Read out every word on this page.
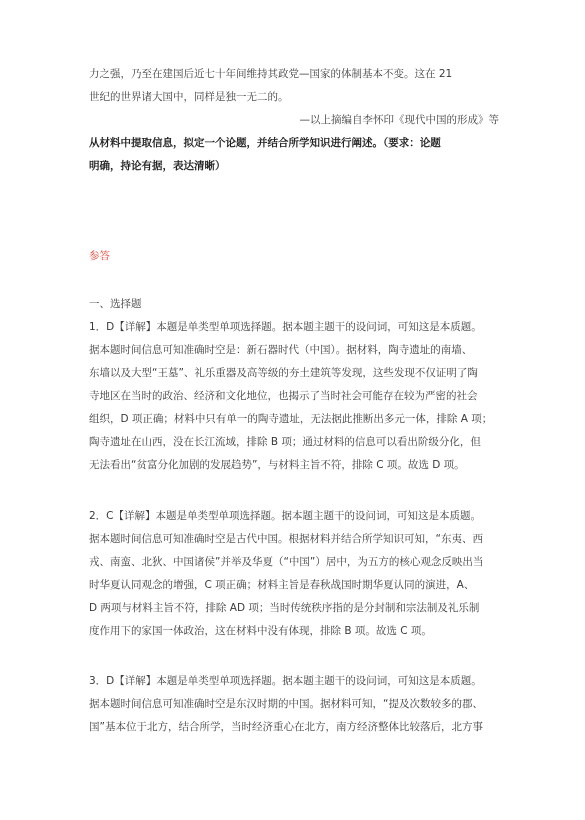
力之强，乃至在建国后近七十年间维持其政党—国家的体制基本不变。这在 21

世纪的世界诸大国中，同样是独一无二的。

—以上摘编自李怀印《现代中国的形成》等

从材料中提取信息，拟定一个论题，并结合所学知识进行阐述。（要求：论题

明确，持论有据，表达清晰）

参答
一、选择题

1．D【详解】本题是单类型单项选择题。据本题主题干的设问词，可知这是本质题。

据本题时间信息可知准确时空是：新石器时代（中国）。据材料，陶寺遗址的南墙、

东墙以及大型“王墓”、礼乐重器及高等级的夯土建筑等发现，这些发现不仅证明了陶

寺地区在当时的政治、经济和文化地位，也揭示了当时社会可能存在较为严密的社会

组织，D 项正确；材料中只有单一的陶寺遗址，无法据此推断出多元一体，排除 A 项；

陶寺遗址在山西，没在长江流域，排除 B 项；通过材料的信息可以看出阶级分化，但

无法看出“贫富分化加剧的发展趋势”，与材料主旨不符，排除 C 项。故选 D 项。

2．C【详解】本题是单类型单项选择题。据本题主题干的设问词，可知这是本质题。

据本题时间信息可知准确时空是古代中国。根据材料并结合所学知识可知，“东夷、西

戎、南蛮、北狄、中国诸侯”并举及华夏（“中国”）居中，为五方的核心观念反映出当

时华夏认同观念的增强，C 项正确；材料主旨是春秋战国时期华夏认同的演进，A、

D 两项与材料主旨不符，排除 AD 项；当时传统秩序指的是分封制和宗法制及礼乐制

度作用下的家国一体政治，这在材料中没有体现，排除 B 项。故选 C 项。

3．D【详解】本题是单类型单项选择题。据本题主题干的设问词，可知这是本质题。

据本题时间信息可知准确时空是东汉时期的中国。据材料可知，“提及次数较多的郡、

国”基本位于北方，结合所学，当时经济重心在北方，南方经济整体比较落后，北方事
